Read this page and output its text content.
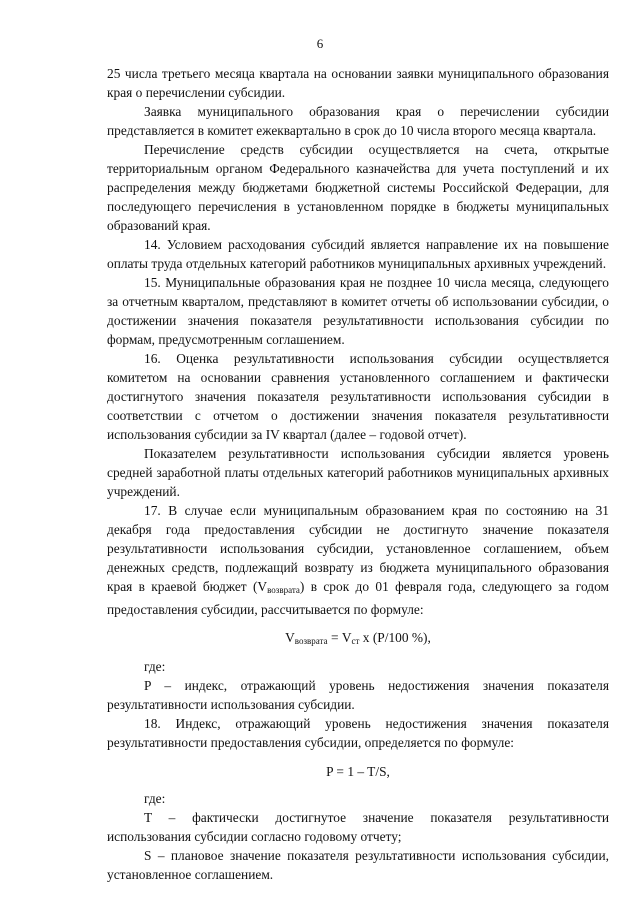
6

25 числа третьего месяца квартала на основании заявки муниципального образования края о перечислении субсидии.

Заявка муниципального образования края о перечислении субсидии представляется в комитет ежеквартально в срок до 10 числа второго месяца квартала.

Перечисление средств субсидии осуществляется на счета, открытые территориальным органом Федерального казначейства для учета поступлений и их распределения между бюджетами бюджетной системы Российской Федерации, для последующего перечисления в установленном порядке в бюджеты муниципальных образований края.

14. Условием расходования субсидий является направление их на повышение оплаты труда отдельных категорий работников муниципальных архивных учреждений.

15. Муниципальные образования края не позднее 10 числа месяца, следующего за отчетным кварталом, представляют в комитет отчеты об использовании субсидии, о достижении значения показателя результативности использования субсидии по формам, предусмотренным соглашением.

16. Оценка результативности использования субсидии осуществляется комитетом на основании сравнения установленного соглашением и фактически достигнутого значения показателя результативности использования субсидии в соответствии с отчетом о достижении значения показателя результативности использования субсидии за IV квартал (далее – годовой отчет).

Показателем результативности использования субсидии является уровень средней заработной платы отдельных категорий работников муниципальных архивных учреждений.

17. В случае если муниципальным образованием края по состоянию на 31 декабря года предоставления субсидии не достигнуто значение показателя результативности использования субсидии, установленное соглашением, объем денежных средств, подлежащий возврату из бюджета муниципального образования края в краевой бюджет $(V_{возврата})$ в срок до 01 февраля года, следующего за годом предоставления субсидии, рассчитывается по формуле:

$V_{возврата} = V_{ст}$ x (P/100 %),

где:

P – индекс, отражающий уровень недостижения значения показателя результативности использования субсидии.

18. Индекс, отражающий уровень недостижения значения показателя результативности предоставления субсидии, определяется по формуле:

P = 1 – T/S,

где:

T – фактически достигнутое значение показателя результативности использования субсидии согласно годовому отчету;

S – плановое значение показателя результативности использования субсидии, установленное соглашением.
